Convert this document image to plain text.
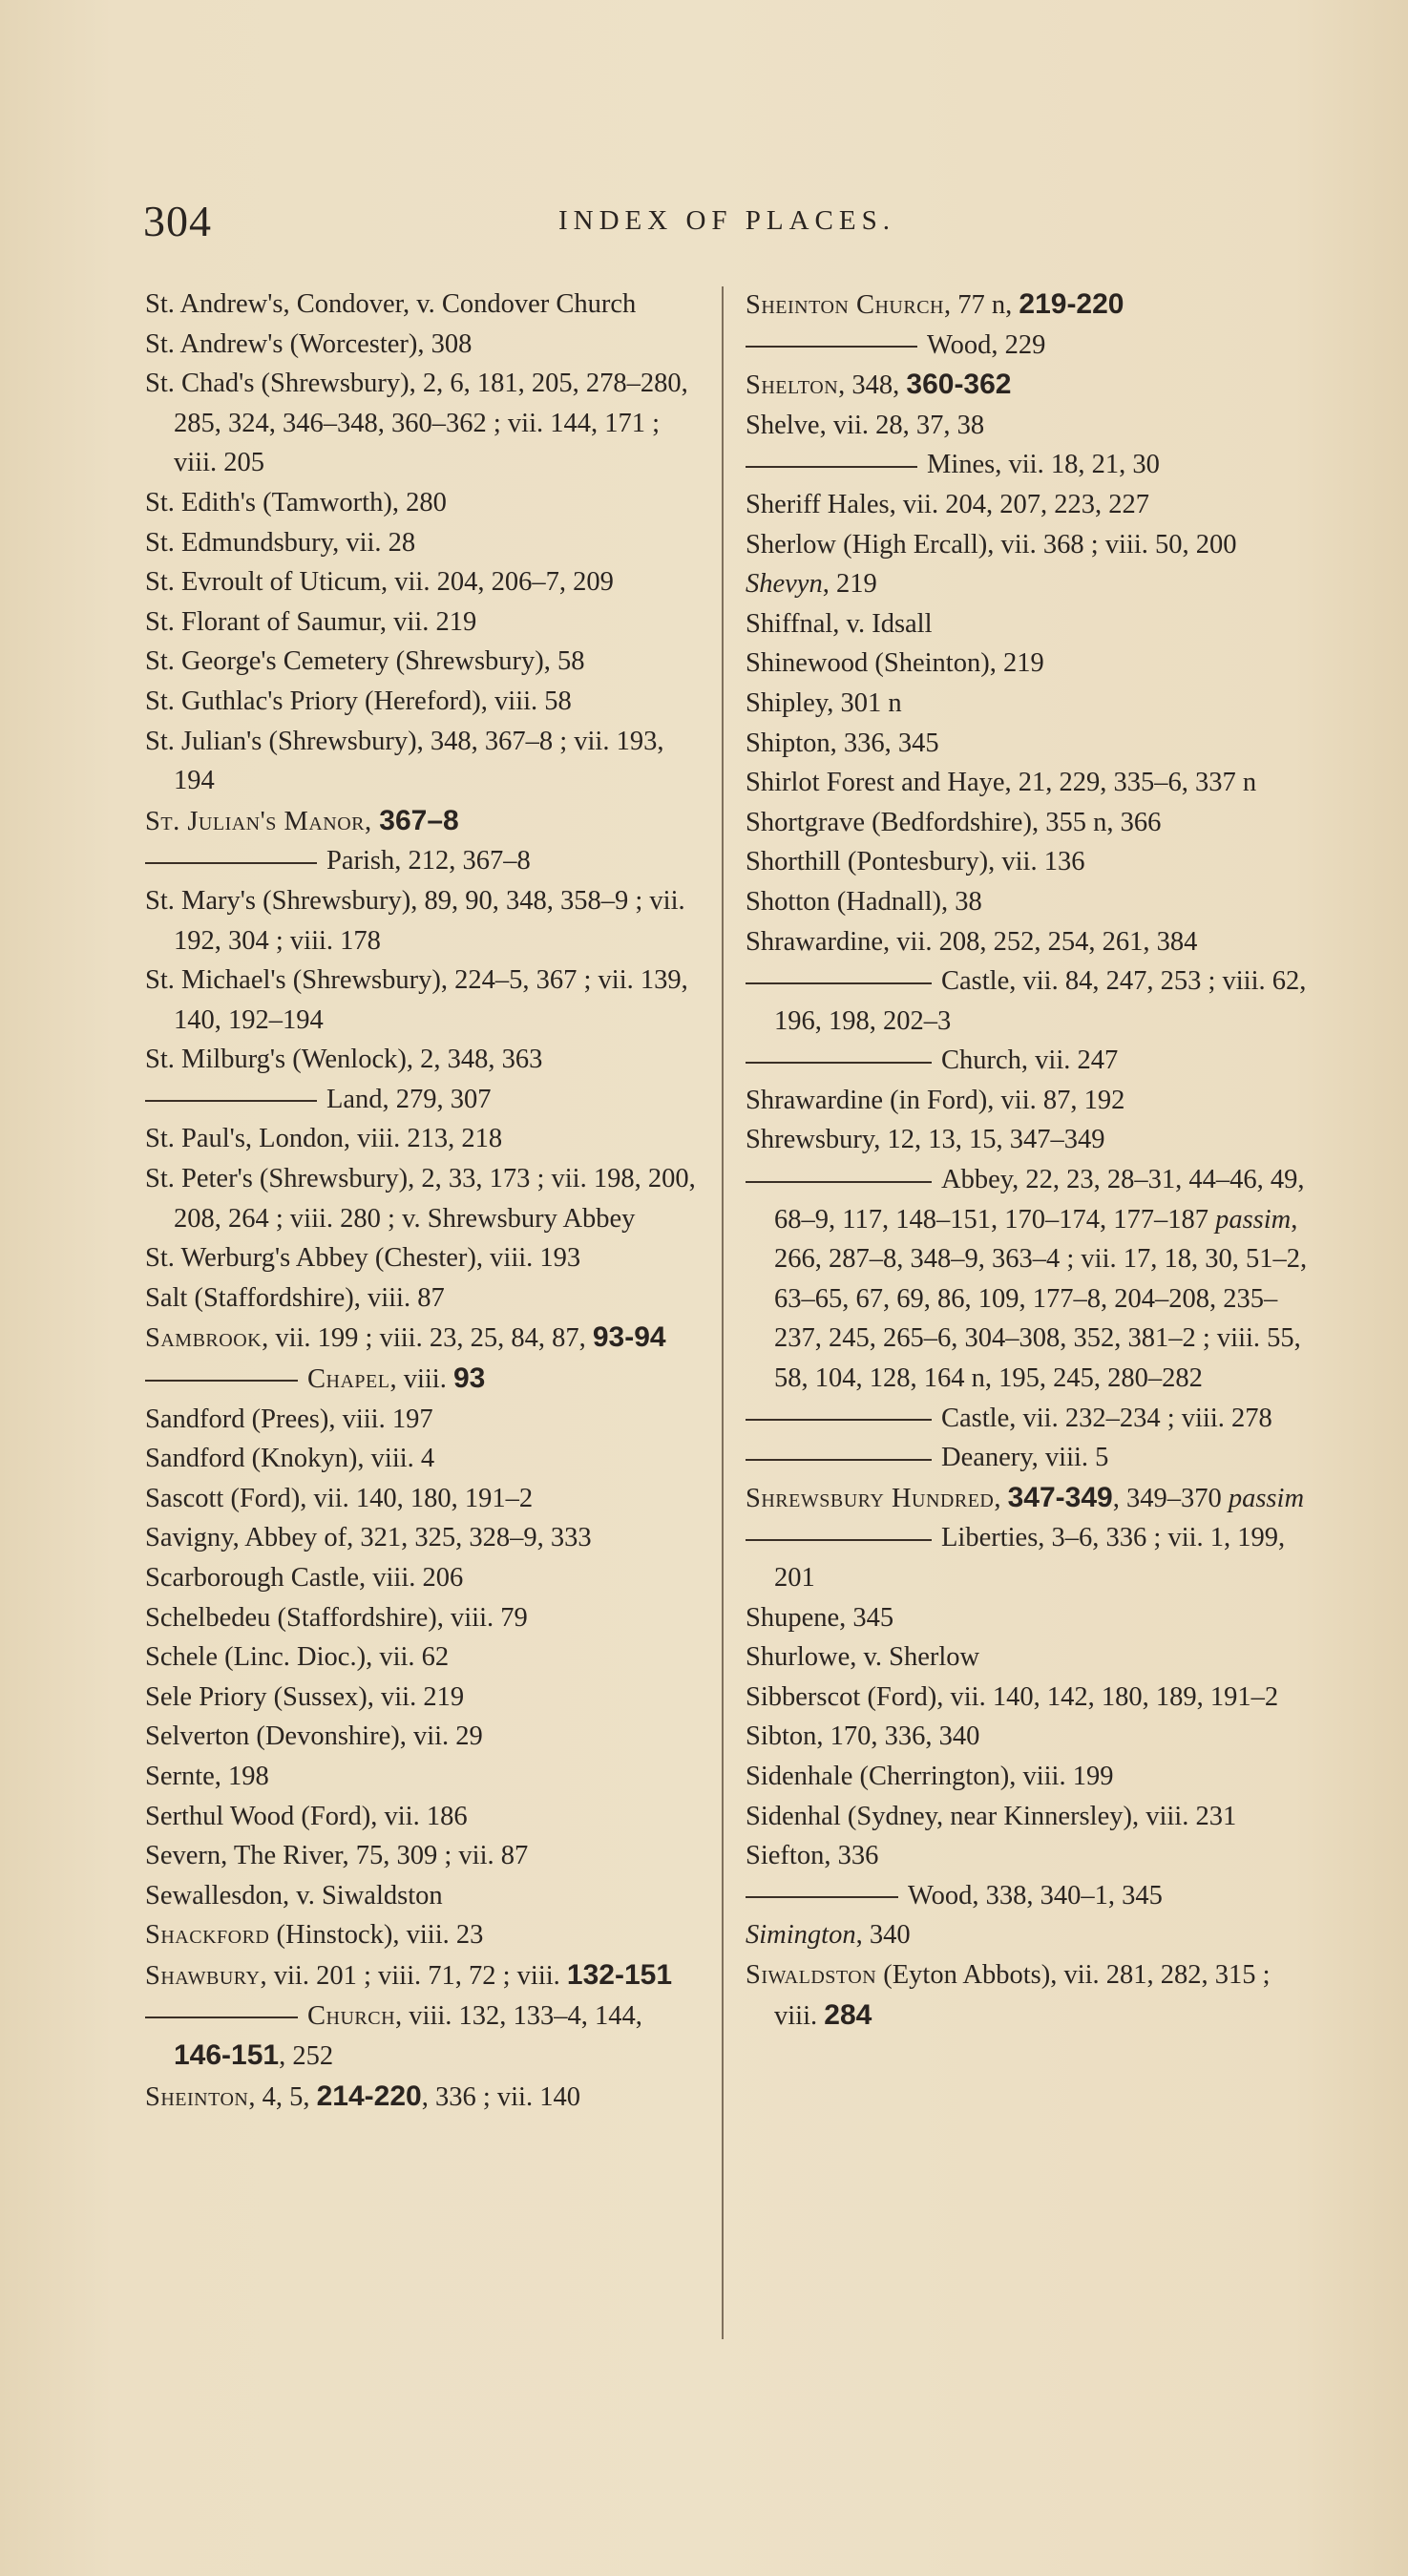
304	INDEX OF PLACES.

St. Andrew's, Condover, v. Condover Church

St. Andrew's (Worcester), 308

St. Chad's (Shrewsbury), 2, 6, 181, 205, 278–280, 285, 324, 346–348, 360–362 ; vii. 144, 171 ; viii. 205

St. Edith's (Tamworth), 280

St. Edmundsbury, vii. 28

St. Evroult of Uticum, vii. 204, 206–7, 209

St. Florant of Saumur, vii. 219

St. George's Cemetery (Shrewsbury), 58

St. Guthlac's Priory (Hereford), viii. 58

St. Julian's (Shrewsbury), 348, 367–8 ; vii. 193, 194

St. Julian's Manor, 367–8

Parish, 212, 367–8

St. Mary's (Shrewsbury), 89, 90, 348, 358–9 ; vii. 192, 304 ; viii. 178

St. Michael's (Shrewsbury), 224–5, 367 ; vii. 139, 140, 192–194

St. Milburg's (Wenlock), 2, 348, 363

Land, 279, 307

St. Paul's, London, viii. 213, 218

St. Peter's (Shrewsbury), 2, 33, 173 ; vii. 198, 200, 208, 264 ; viii. 280 ; v. Shrewsbury Abbey

St. Werburg's Abbey (Chester), viii. 193

Salt (Staffordshire), viii. 87

Sambrook, vii. 199 ; viii. 23, 25, 84, 87, 93-94

Chapel, viii. 93

Sandford (Prees), viii. 197

Sandford (Knokyn), viii. 4

Sascott (Ford), vii. 140, 180, 191–2

Savigny, Abbey of, 321, 325, 328–9, 333

Scarborough Castle, viii. 206

Schelbedeu (Staffordshire), viii. 79

Schele (Linc. Dioc.), vii. 62

Sele Priory (Sussex), vii. 219

Selverton (Devonshire), vii. 29

Sernte, 198

Serthul Wood (Ford), vii. 186

Severn, The River, 75, 309 ; vii. 87

Sewallesdon, v. Siwaldston

Shackford (Hinstock), viii. 23

Shawbury, vii. 201 ; viii. 71, 72 ; viii. 132-151

Church, viii. 132, 133–4, 144, 146-151, 252

Sheinton, 4, 5, 214-220, 336 ; vii. 140

Sheinton Church, 77 n, 219-220

Wood, 229

Shelton, 348, 360-362

Shelve, vii. 28, 37, 38

Mines, vii. 18, 21, 30

Sheriff Hales, vii. 204, 207, 223, 227

Sherlow (High Ercall), vii. 368 ; viii. 50, 200

Shevyn, 219

Shiffnal, v. Idsall

Shinewood (Sheinton), 219

Shipley, 301 n

Shipton, 336, 345

Shirlot Forest and Haye, 21, 229, 335–6, 337 n

Shortgrave (Bedfordshire), 355 n, 366

Shorthill (Pontesbury), vii. 136

Shotton (Hadnall), 38

Shrawardine, vii. 208, 252, 254, 261, 384

Castle, vii. 84, 247, 253 ; viii. 62, 196, 198, 202–3

Church, vii. 247

Shrawardine (in Ford), vii. 87, 192

Shrewsbury, 12, 13, 15, 347–349

Abbey, 22, 23, 28–31, 44–46, 49, 68–9, 117, 148–151, 170–174, 177–187 passim, 266, 287–8, 348–9, 363–4 ; vii. 17, 18, 30, 51–2, 63–65, 67, 69, 86, 109, 177–8, 204–208, 235–237, 245, 265–6, 304–308, 352, 381–2 ; viii. 55, 58, 104, 128, 164 n, 195, 245, 280–282

Castle, vii. 232–234 ; viii. 278

Deanery, viii. 5

Shrewsbury Hundred, 347-349, 349–370 passim

Liberties, 3–6, 336 ; vii. 1, 199, 201

Shupene, 345

Shurlowe, v. Sherlow

Sibberscot (Ford), vii. 140, 142, 180, 189, 191–2

Sibton, 170, 336, 340

Sidenhale (Cherrington), viii. 199

Sidenhal (Sydney, near Kinnersley), viii. 231

Siefton, 336

Wood, 338, 340–1, 345

Simington, 340

Siwaldston (Eyton Abbots), vii. 281, 282, 315 ; viii. 284
